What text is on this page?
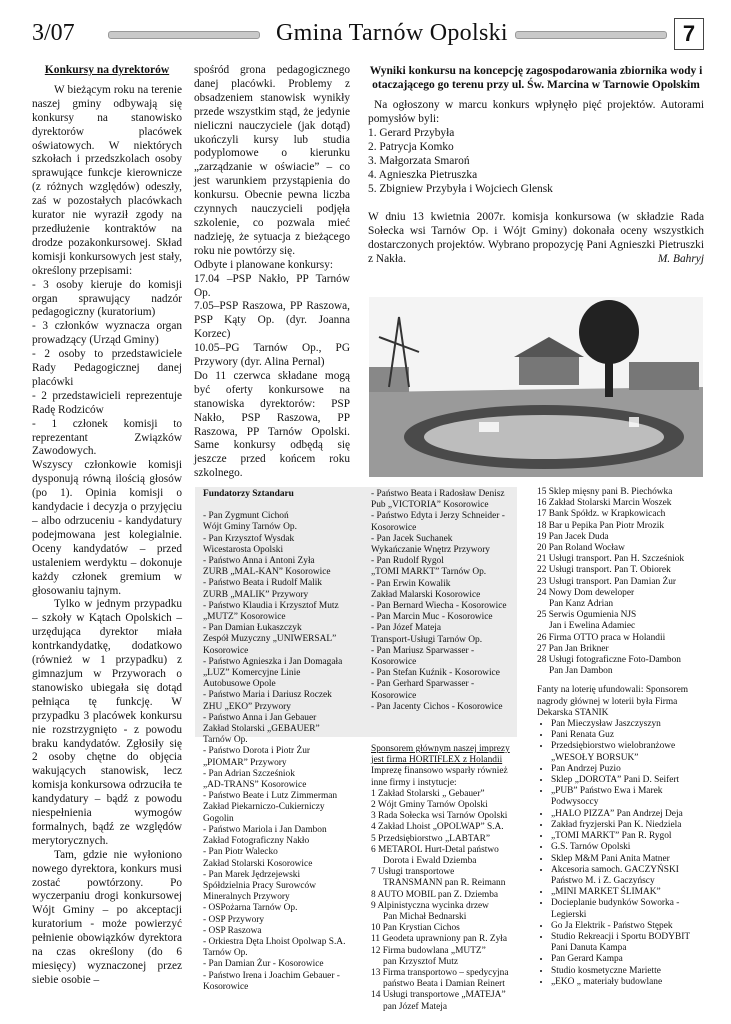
3/07	Gmina Tarnów Opolski	7
Konkursy na dyrektorów

W bieżącym roku na terenie naszej gminy odbywają się konkursy na stanowisko dyrektorów placówek oświatowych. W niektórych szkołach i przedszkolach osoby sprawujące funkcje kierownicze (z różnych względów) odeszły, zaś w pozostałych placówkach kurator nie wyraził zgody na przedłużenie kontraktów na drodze pozakonkursowej. Skład komisji konkursowych jest stały, określony przepisami:

- 3 osoby kieruje do komisji organ sprawujący nadzór pedagogiczny (kuratorium)

- 3 członków wyznacza organ prowadzący (Urząd Gminy)

- 2 osoby to przedstawiciele Rady Pedagogicznej danej placówki

- 2 przedstawicieli reprezentuje Radę Rodziców

- 1 członek komisji to reprezentant Związków Zawodowych.

Wszyscy członkowie komisji dysponują równą ilością głosów (po 1). Opinia komisji o kandydacie i decyzja o przyjęciu – albo odrzuceniu - kandydatury podejmowana jest kolegialnie. Oceny kandydatów – przed ustaleniem werdyktu – dokonuje każdy członek gremium w głosowaniu tajnym.

Tylko w jednym przypadku – szkoły w Kątach Opolskich – urzędująca dyrektor miała kontrkandydatkę, dodatkowo (również w 1 przypadku) z gimnazjum w Przyworach o stanowisko ubiegała się dotąd pełniąca tę funkcję. W przypadku 3 placówek konkursu nie rozstrzygnięto - z powodu braku kandydatów. Zgłosiły się 2 osoby chętne do objęcia wakujących stanowisk, lecz komisja konkursowa odrzuciła te kandydatury – bądź z powodu niespełnienia wymogów formalnych, bądź ze względów merytorycznych.

Tam, gdzie nie wyłoniono nowego dyrektora, konkurs musi zostać powtórzony. Po wyczerpaniu drogi konkursowej Wójt Gminy – po akceptacji kuratorium - może powierzyć pełnienie obowiązków dyrektora na czas określony (do 6 miesięcy) wyznaczonej przez siebie osobie –

spośród grona pedagogicznego danej placówki. Problemy z obsadzeniem stanowisk wynikły przede wszystkim stąd, że jedynie nieliczni nauczyciele (jak dotąd) ukończyli kursy lub studia podyplomowe o kierunku „zarządzanie w oświacie” – co jest warunkiem przystąpienia do konkursu. Obecnie pewna liczba czynnych nauczycieli podjęła szkolenie, co pozwala mieć nadzieję, że sytuacja z bieżącego roku nie powtórzy się.

Odbyte i planowane konkursy:

17.04 –PSP Nakło, PP Tarnów Op.

7.05–PSP Raszowa, PP Raszowa, PSP Kąty Op. (dyr. Joanna Korzec)

10.05–PG Tarnów Op., PG Przywory (dyr. Alina Pernal)

Do 11 czerwca składane mogą być oferty konkursowe na stanowiska dyrektorów: PSP Nakło, PSP Raszowa, PP Raszowa, PP Tarnów Opolski. Same konkursy odbędą się jeszcze przed końcem roku szkolnego.

Wyniki konkursu na koncepcję zagospodarowania zbiornika wody i otaczającego go terenu przy ul. Św. Marcina w Tarnowie Opolskim

Na ogłoszony w marcu konkurs wpłynęło pięć projektów. Autorami pomysłów byli:

1. Gerard Przybyła

2. Patrycja Komko

3. Małgorzata Smaroń

4. Agnieszka Pietruszka

5. Zbigniew Przybyła i Wojciech Glensk

W dniu 13 kwietnia 2007r. komisja konkursowa (w składzie Rada Sołecka wsi Tarnów Op. i Wójt Gminy) dokonała oceny wszystkich dostarczonych projektów. Wybrano propozycję Pani Agnieszki Pietruszki z Nakła.	M. Bahryj

Fundatorzy Sztandaru

- Pan Zygmunt Cichoń

Wójt Gminy Tarnów Op.

- Pan Krzysztof Wysdak

Wicestarosta Opolski

- Państwo Anna i Antoni Zyła

ZURB „MAL-KAN” Kosorowice

- Państwo Beata i Rudolf Malik

ZURB „MALIK” Przywory

- Państwo Klaudia i Krzysztof Mutz

„MUTZ” Kosorowice

- Pan Damian Łukaszczyk

Zespół Muzyczny „UNIWERSAL”

Kosorowice

- Państwo Agnieszka i Jan Domagała

„LUZ” Komercyjne Linie

Autobusowe Opole

- Państwo Maria i Dariusz Roczek

ZHU „EKO” Przywory

- Państwo Anna i Jan Gebauer

Zakład Stolarski „GEBAUER”

Tarnów Op.

- Państwo Dorota i Piotr Żur

„PIOMAR” Przywory

- Pan Adrian Szcześniok

„AD-TRANS” Kosorowice

- Państwo Beate i Lutz Zimmerman

Zakład Piekarniczo-Cukierniczy

Gogolin

- Państwo Mariola i Jan Dambon

Zakład Fotograficzny Nakło

- Pan Piotr Walecko

Zakład Stolarski Kosorowice

- Pan Marek Jędrzejewski

Spółdzielnia Pracy Surowców

Mineralnych Przywory

- OSPożarna Tarnów Op.

- OSP Przywory

- OSP Raszowa

- Orkiestra Dęta Lhoist Opolwap S.A.

Tarnów Op.

- Pan Damian Żur - Kosorowice

- Państwo Irena i Joachim Gebauer -

Kosorowice

- Państwo Beata i Radosław Denisz

Pub „VICTORIA” Kosorowice

- Państwo Edyta i Jerzy Schneider -

Kosorowice

- Pan Jacek Suchanek

Wykańczanie Wnętrz Przywory

- Pan Rudolf Rygol

„TOMI MARKT” Tarnów Op.

- Pan Erwin Kowalik

Zakład Malarski Kosorowice

- Pan Bernard Wiecha - Kosorowice

- Pan Marcin Muc - Kosorowice

- Pan Józef Mateja

Transport-Usługi Tarnów Op.

- Pan Mariusz Sparwasser -

Kosorowice

- Pan Stefan Kuźnik - Kosorowice

- Pan Gerhard Sparwasser -

Kosorowice

- Pan Jacenty Cichos - Kosorowice

Sponsorem głównym naszej imprezy

jest firma HORTIFLEX z Holandii

Imprezę finansowo wsparły również inne firmy i instytucje:

1 Zakład Stolarski „ Gebauer”

2 Wójt Gminy Tarnów Opolski

3 Rada Sołecka wsi Tarnów Opolski

4 Zakład Lhoist „OPOLWAP” S.A.

5 Przedsiębiorstwo „LABTAR”

6 METAROL Hurt-Detal państwo

Dorota i Ewald Dziemba

7 Usługi transportowe

TRANSMANN pan R. Reimann

8 AUTO MOBIL pan Z. Dziemba

9 Alpinistyczna wycinka drzew

Pan Michał Bednarski

10 Pan Krystian Cichos

11 Geodeta uprawniony pan R. Zyła

12 Firma budowlana „MUTZ”

pan Krzysztof Mutz

13 Firma transportowo – spedycyjna

państwo Beata i Damian Reinert

14 Usługi transportowe „MATEJA”

pan Józef Mateja

15 Sklep mięsny pani B. Piechówka

16 Zakład Stolarski Marcin Woszek

17 Bank Spółdz. w Krapkowicach

18 Bar u Pepika Pan Piotr Mrozik

19 Pan Jacek Duda

20 Pan Roland Wocław

21 Usługi transport. Pan H. Szcześniok

22 Usługi transport. Pan T. Obiorek

23 Usługi transport. Pan Damian Żur

24 Nowy Dom deweloper

Pan Kanz Adrian

25 Serwis Ogumienia NJS

Jan i Ewelina Adamiec

26 Firma OTTO praca w Holandii

27 Pan Jan Brikner

28 Usługi fotograficzne Foto-Dambon

Pan Jan Dambon

Fanty na loterię ufundowali: Sponsorem nagrody głównej w loterii była Firma Dekarska STANIK

• Pan Mieczysław Jaszczyszyn
• Pani Renata Guz
• Przedsiębiorstwo wielobranżowe „WESOŁY BORSUK”
• Pan Andrzej Puzio
• Sklep „DOROTA” Pani D. Seifert
• „PUB” Państwo Ewa i Marek Podwysoccy
• „HALO PIZZA” Pan Andrzej Deja
• Zakład fryzjerski Pan K. Niedziela
• „TOMI MARKT” Pan R. Rygol
• G.S. Tarnów Opolski
• Sklep M&M Pani Anita Matner
• Akcesoria samoch. GACZYŃSKI Państwo M. i Z. Gaczyńscy
• „MINI MARKET ŚLIMAK”
• Docieplanie budynków Soworka - Legierski
• Go Ja Elektrik - Państwo Stępek
• Studio Rekreacji i Sportu BODYBIT Pani Danuta Kampa
• Pan Gerard Kampa
• Studio kosmetyczne Mariette
• „EKO „ materiały budowlane
